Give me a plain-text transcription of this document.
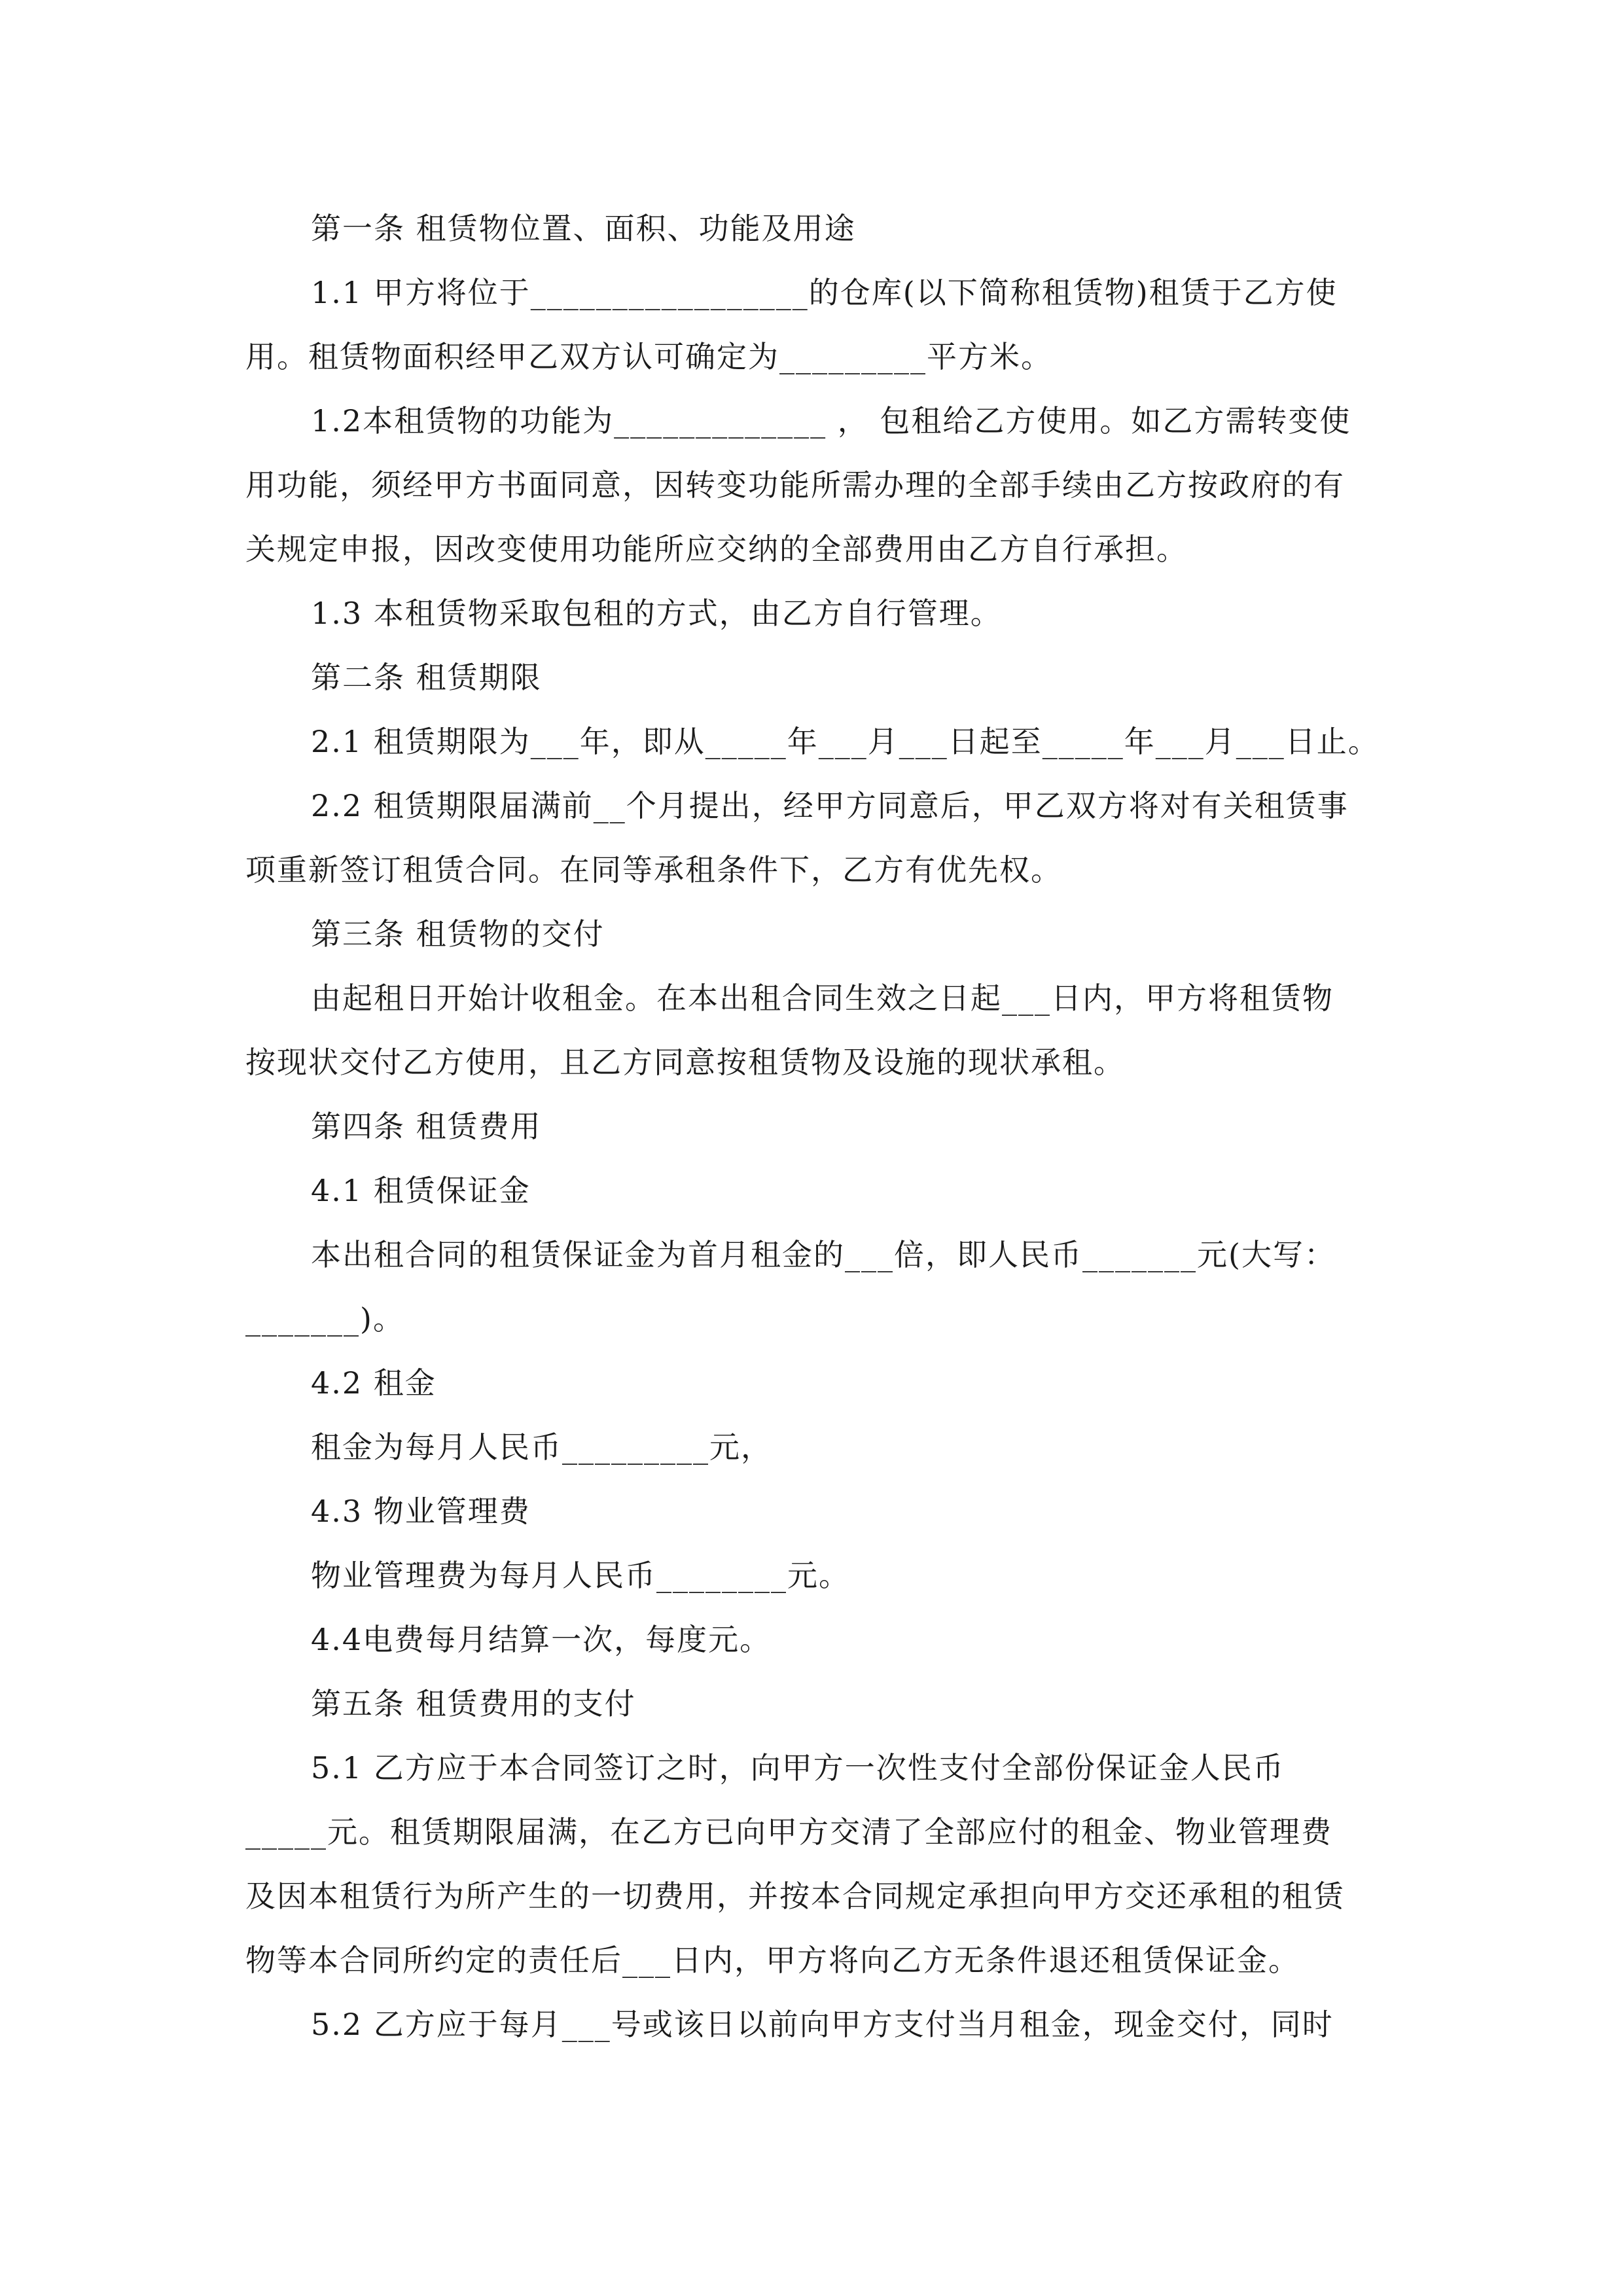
第一条 租赁物位置、面积、功能及用途
1.1 甲方将位于_________________的仓库(以下简称租赁物)租赁于乙方使
用。租赁物面积经甲乙双方认可确定为_________平方米。
1.2本租赁物的功能为_____________ ， 包租给乙方使用。如乙方需转变使
用功能，须经甲方书面同意，因转变功能所需办理的全部手续由乙方按政府的有
关规定申报，因改变使用功能所应交纳的全部费用由乙方自行承担。
1.3 本租赁物采取包租的方式，由乙方自行管理。
第二条 租赁期限
2.1 租赁期限为___年，即从_____年___月___日起至_____年___月___日止。
2.2 租赁期限届满前__个月提出，经甲方同意后，甲乙双方将对有关租赁事
项重新签订租赁合同。在同等承租条件下，乙方有优先权。
第三条 租赁物的交付
由起租日开始计收租金。在本出租合同生效之日起___日内，甲方将租赁物
按现状交付乙方使用，且乙方同意按租赁物及设施的现状承租。
第四条 租赁费用
4.1 租赁保证金
本出租合同的租赁保证金为首月租金的___倍，即人民币_______元(大写：
_______)。
4.2 租金
租金为每月人民币_________元，
4.3 物业管理费
物业管理费为每月人民币________元。
4.4电费每月结算一次，每度元。
第五条 租赁费用的支付
5.1 乙方应于本合同签订之时，向甲方一次性支付全部份保证金人民币
_____元。租赁期限届满，在乙方已向甲方交清了全部应付的租金、物业管理费
及因本租赁行为所产生的一切费用，并按本合同规定承担向甲方交还承租的租赁
物等本合同所约定的责任后___日内，甲方将向乙方无条件退还租赁保证金。
5.2 乙方应于每月___号或该日以前向甲方支付当月租金，现金交付，同时
